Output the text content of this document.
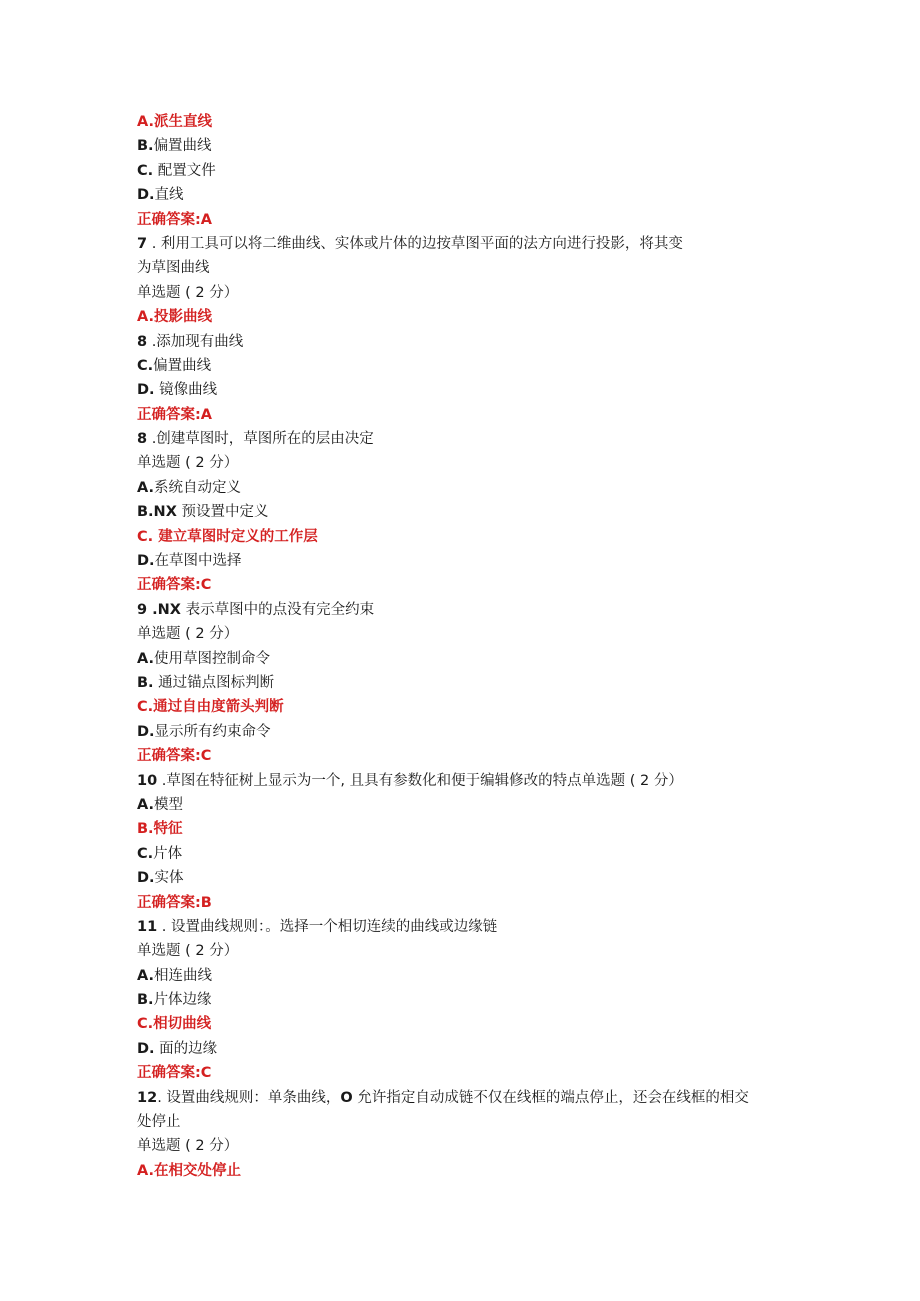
A.派生直线
B.偏置曲线
C. 配置文件
D.直线
正确答案:A
7 . 利用工具可以将二维曲线、实体或片体的边按草图平面的法方向进行投影，将其变
为草图曲线
单选题 ( 2 分）
A.投影曲线
8 .添加现有曲线
C.偏置曲线
D. 镜像曲线
正确答案:A
8 .创建草图时，草图所在的层由决定
单选题 ( 2 分）
A.系统自动定义
B.NX 预设置中定义
C. 建立草图时定义的工作层
D.在草图中选择
正确答案:C
9 .NX 表示草图中的点没有完全约束
单选题 ( 2 分）
A.使用草图控制命令
B. 通过锚点图标判断
C.通过自由度箭头判断
D.显示所有约束命令
正确答案:C
10 .草图在特征树上显示为一个, 且具有参数化和便于编辑修改的特点单选题 ( 2 分）
A.模型
B.特征
C.片体
D.实体
正确答案:B
11 . 设置曲线规则：。选择一个相切连续的曲线或边缘链
单选题 ( 2 分）
A.相连曲线
B.片体边缘
C.相切曲线
D. 面的边缘
正确答案:C
12. 设置曲线规则：单条曲线，O 允许指定自动成链不仅在线框的端点停止，还会在线框的相交
处停止
单选题 ( 2 分）
A.在相交处停止
